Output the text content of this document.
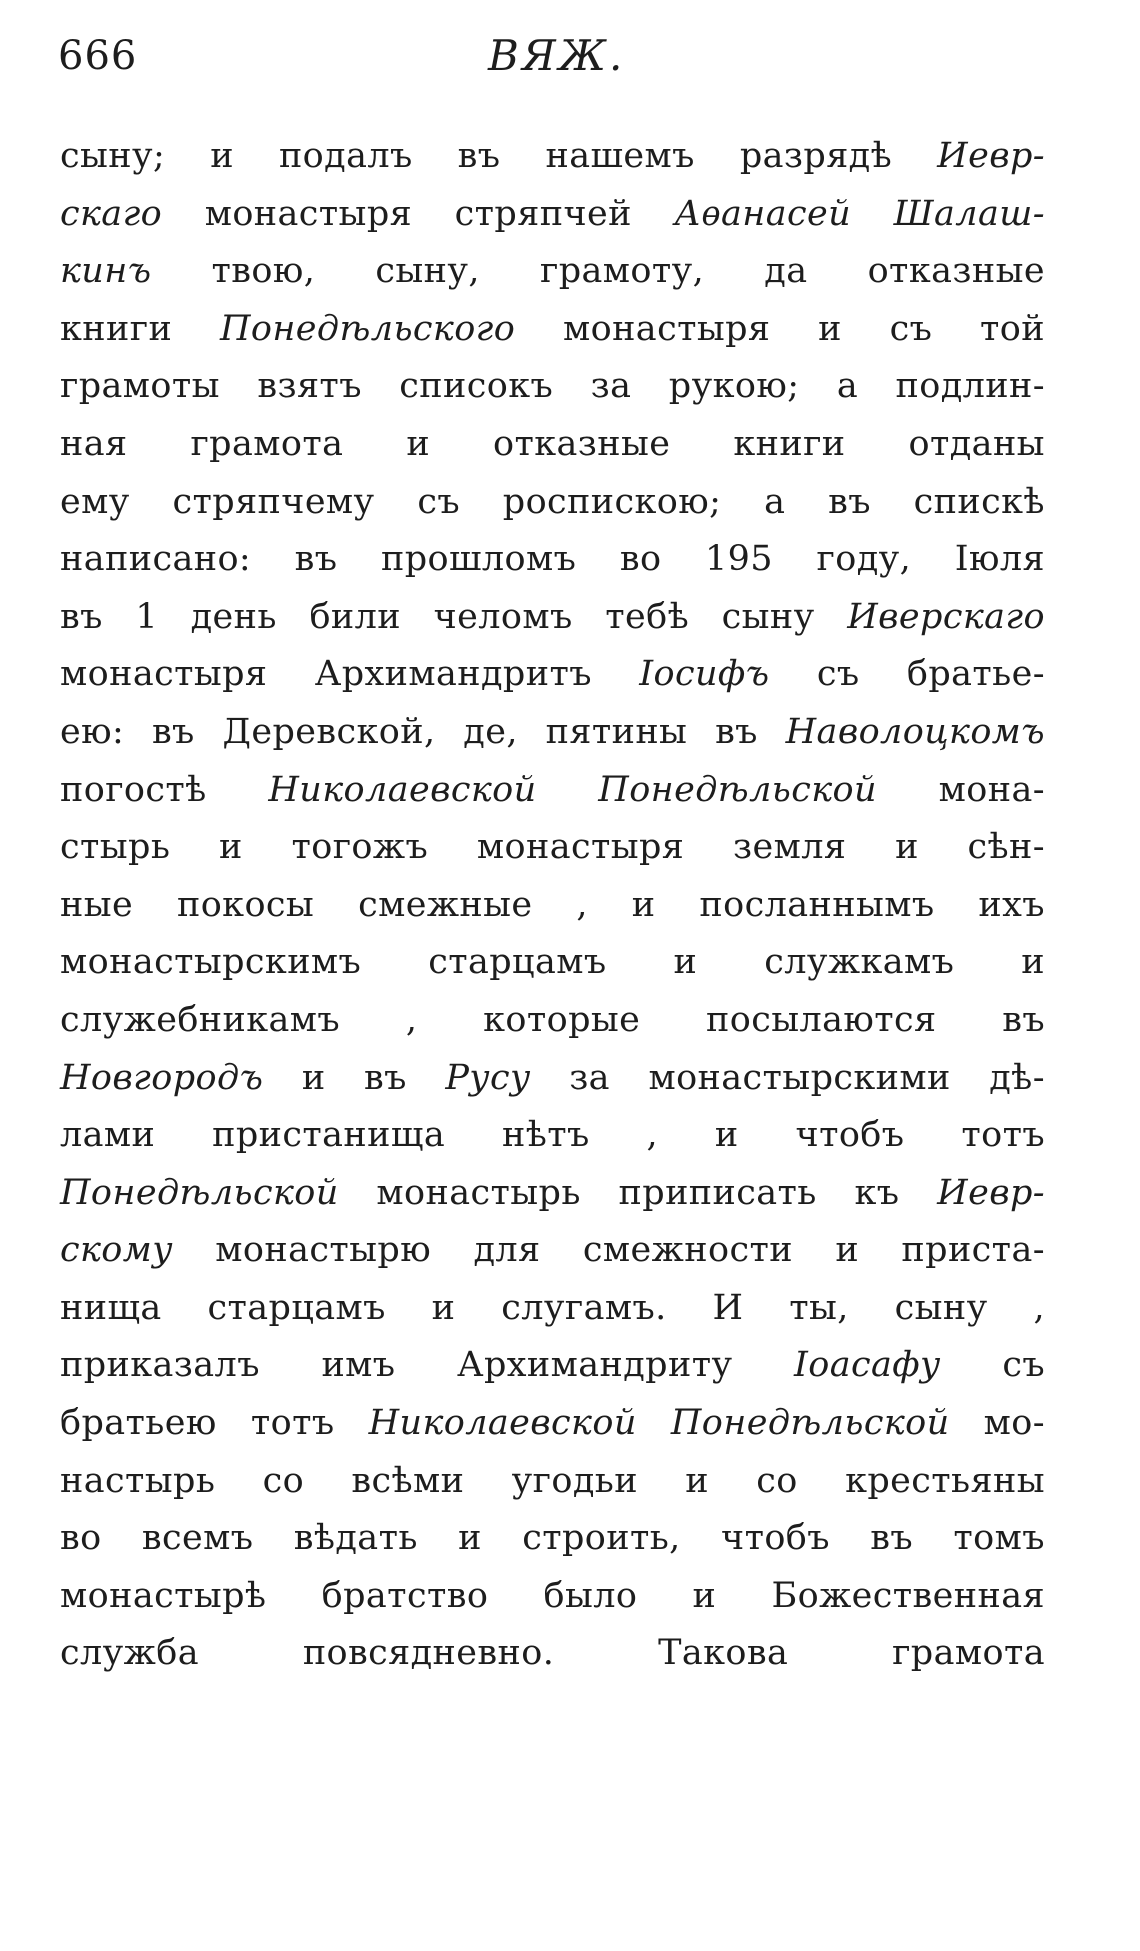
666	ВЯЖ.
сыну; и подалъ въ нашемъ разрядѣ Иевр-
скаго монастыря стряпчей Аѳанасей Шалаш-
кинъ твою, сыну, грамоту, да отказные
книги Понедѣльского монастыря и съ той
грамоты взятъ списокъ за рукою; а подлин-
ная грамота и отказные книги отданы
ему стряпчему съ роспискою; а въ спискѣ
написано: въ прошломъ во 195 году, Іюля
въ 1 день били челомъ тебѣ сыну Иверскаго
монастыря Архимандритъ Іосифъ съ братье-
ею: въ Деревской, де, пятины въ Наволоцкомъ
погостѣ Николаевской Понедѣльской мона-
стырь и тогожъ монастыря земля и сѣн-
ные покосы смежные , и посланнымъ ихъ
монастырскимъ старцамъ и служкамъ и
служебникамъ , которые посылаются въ
Новгородъ и въ Русу за монастырскими дѣ-
лами пристанища нѣтъ , и чтобъ тотъ
Понедѣльской монастырь приписать къ Иевр-
скому монастырю для смежности и приста-
нища старцамъ и слугамъ. И ты, сыну ,
приказалъ имъ Архимандриту Іоасафу съ
братьею тотъ Николаевской Понедѣльской мо-
настырь со всѣми угодьи и со крестьяны
во всемъ вѣдать и строить, чтобъ въ томъ
монастырѣ братство было и Божественная
служба	повсядневно.	Такова	грамота
